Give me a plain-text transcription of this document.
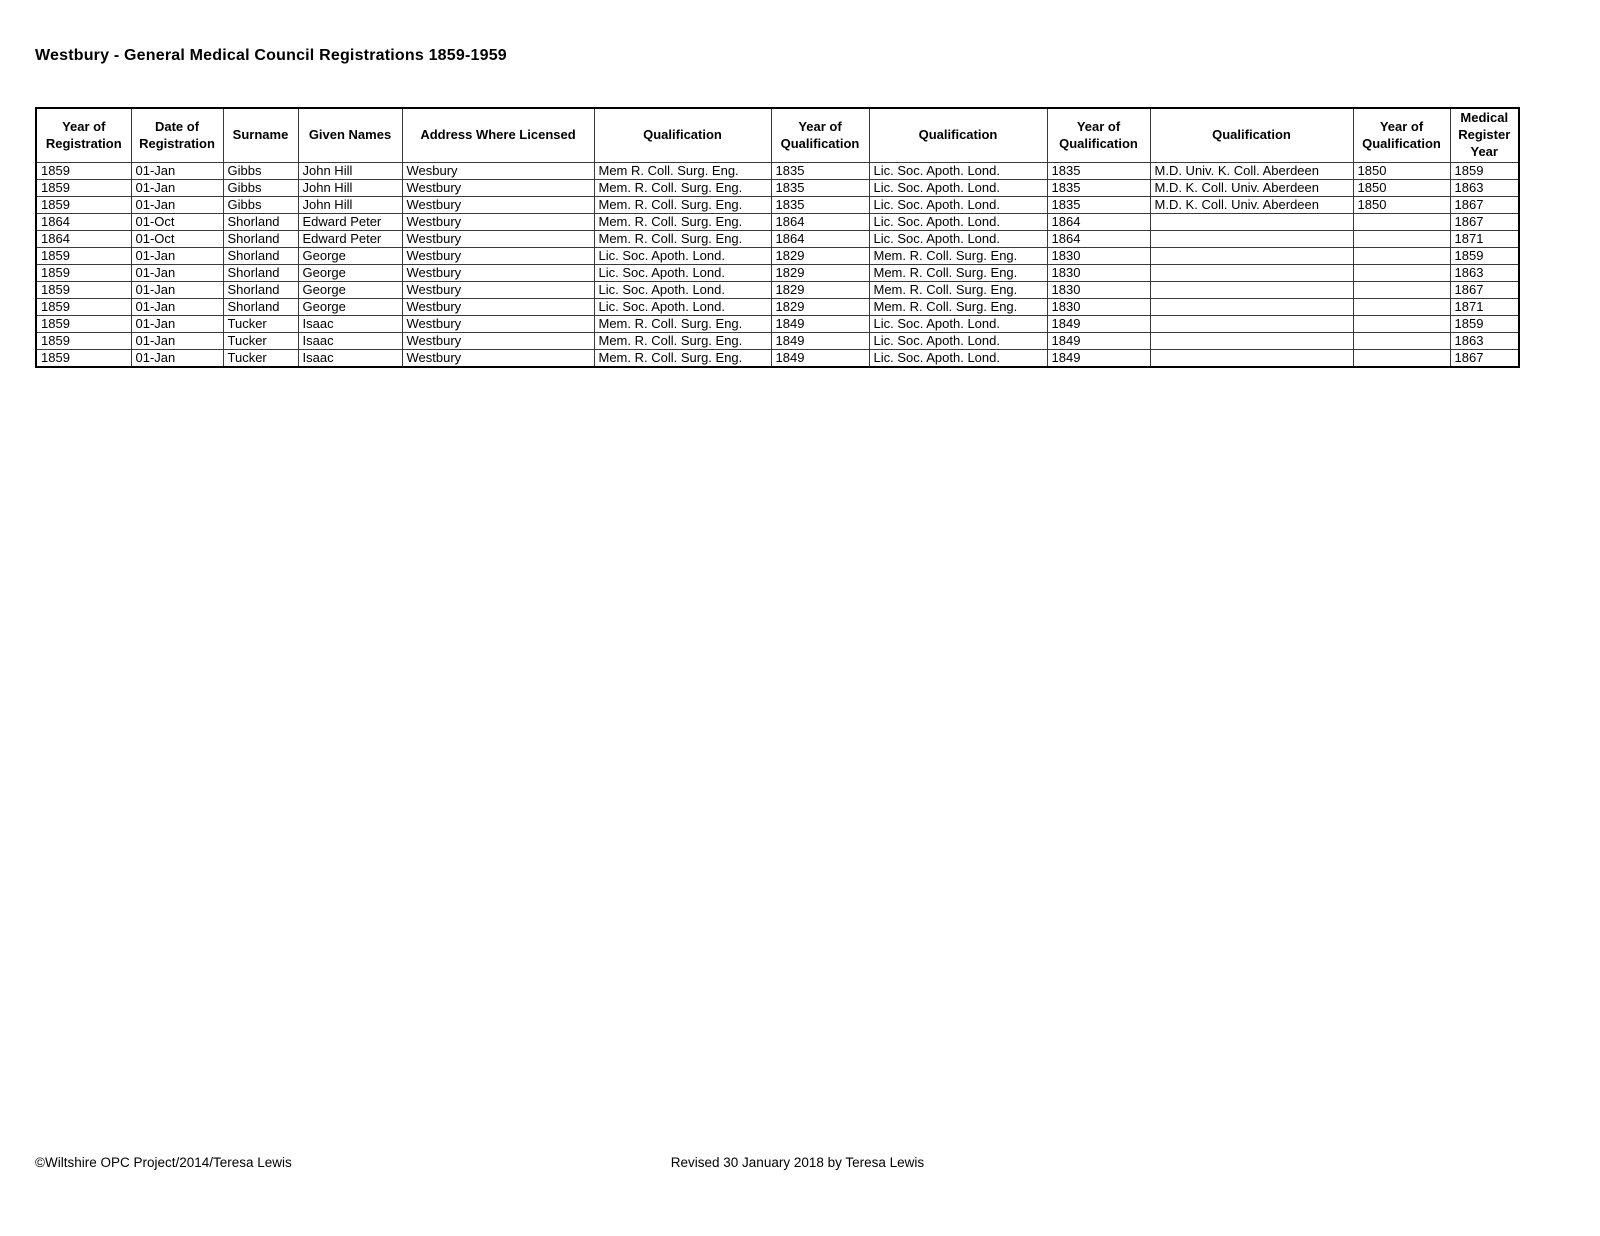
Westbury - General Medical Council Registrations 1859-1959
Year of Registration	Date of Registration	Surname	Given Names	Address Where Licensed	Qualification	Year of Qualification	Qualification	Year of Qualification	Qualification	Year of Qualification	Medical Register Year
1859	01-Jan	Gibbs	John Hill	Wesbury	Mem R. Coll. Surg. Eng.	1835	Lic. Soc. Apoth. Lond.	1835	M.D. Univ. K. Coll. Aberdeen	1850	1859
1859	01-Jan	Gibbs	John Hill	Westbury	Mem. R. Coll. Surg. Eng.	1835	Lic. Soc. Apoth. Lond.	1835	M.D. K. Coll. Univ. Aberdeen	1850	1863
1859	01-Jan	Gibbs	John Hill	Westbury	Mem. R. Coll. Surg. Eng.	1835	Lic. Soc. Apoth. Lond.	1835	M.D. K. Coll. Univ. Aberdeen	1850	1867
1864	01-Oct	Shorland	Edward Peter	Westbury	Mem. R. Coll. Surg. Eng.	1864	Lic. Soc. Apoth. Lond.	1864			1867
1864	01-Oct	Shorland	Edward Peter	Westbury	Mem. R. Coll. Surg. Eng.	1864	Lic. Soc. Apoth. Lond.	1864			1871
1859	01-Jan	Shorland	George	Westbury	Lic. Soc. Apoth. Lond.	1829	Mem. R. Coll. Surg. Eng.	1830			1859
1859	01-Jan	Shorland	George	Westbury	Lic. Soc. Apoth. Lond.	1829	Mem. R. Coll. Surg. Eng.	1830			1863
1859	01-Jan	Shorland	George	Westbury	Lic. Soc. Apoth. Lond.	1829	Mem. R. Coll. Surg. Eng.	1830			1867
1859	01-Jan	Shorland	George	Westbury	Lic. Soc. Apoth. Lond.	1829	Mem. R. Coll. Surg. Eng.	1830			1871
1859	01-Jan	Tucker	Isaac	Westbury	Mem. R. Coll. Surg. Eng.	1849	Lic. Soc. Apoth. Lond.	1849			1859
1859	01-Jan	Tucker	Isaac	Westbury	Mem. R. Coll. Surg. Eng.	1849	Lic. Soc. Apoth. Lond.	1849			1863
1859	01-Jan	Tucker	Isaac	Westbury	Mem. R. Coll. Surg. Eng.	1849	Lic. Soc. Apoth. Lond.	1849			1867
©Wiltshire OPC Project/2014/Teresa Lewis	Revised 30 January 2018 by Teresa Lewis
